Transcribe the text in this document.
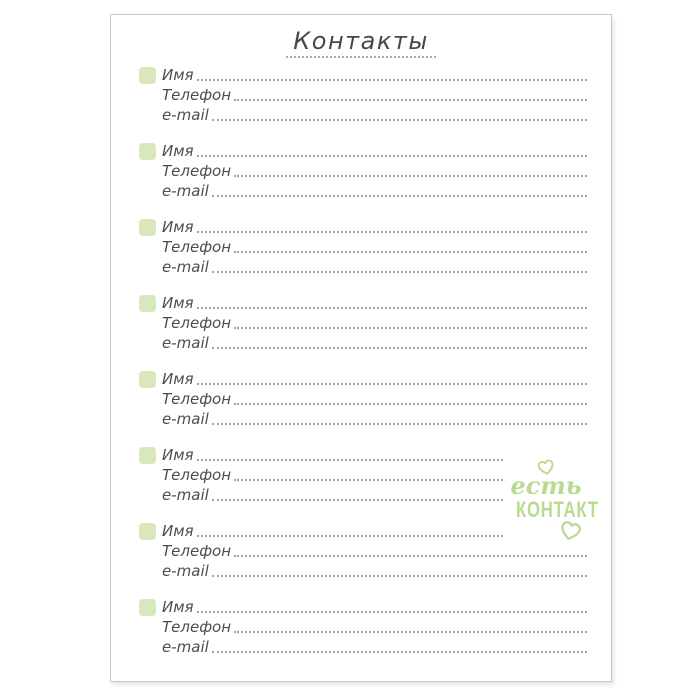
Контакты
Имя
Телефон
e-mail
Имя
Телефон
e-mail
Имя
Телефон
e-mail
Имя
Телефон
e-mail
Имя
Телефон
e-mail
Имя
Телефон
e-mail
Имя
Телефон
e-mail
Имя
Телефон
e-mail
есть
КОНТАКТ
